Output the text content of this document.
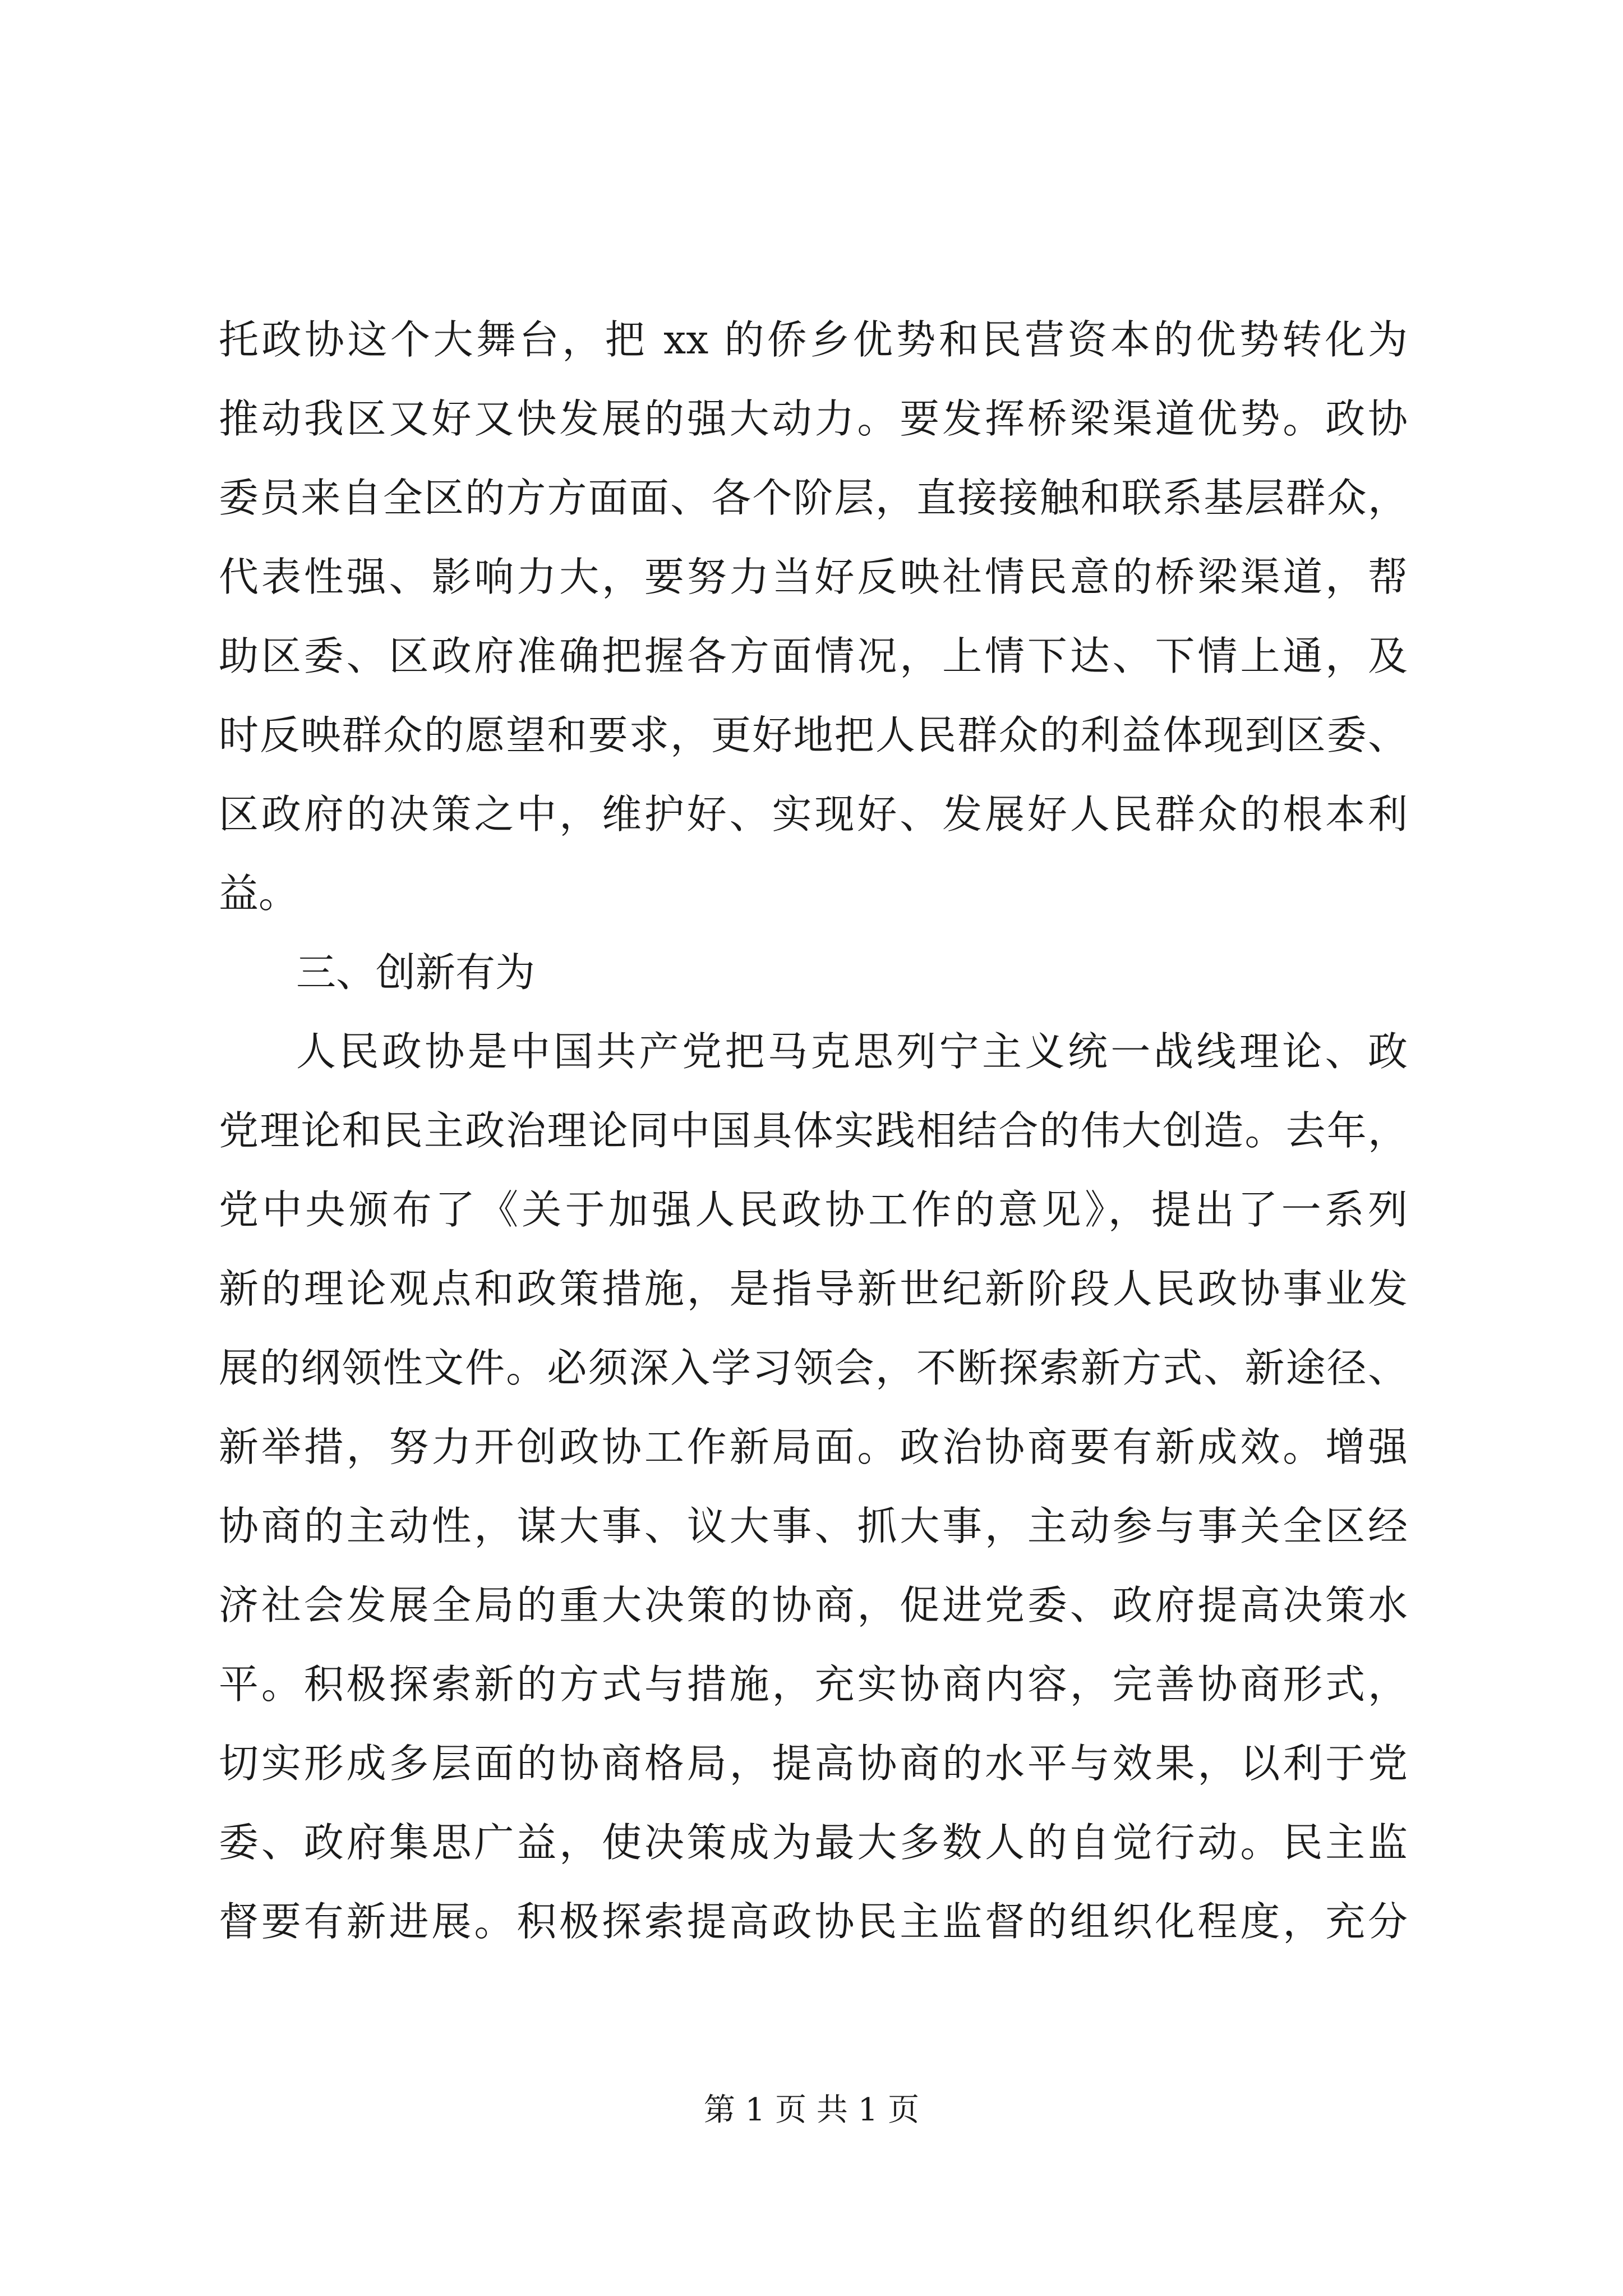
托政协这个大舞台，把 xx 的侨乡优势和民营资本的优势转化为
推动我区又好又快发展的强大动力。要发挥桥梁渠道优势。政协
委员来自全区的方方面面、各个阶层，直接接触和联系基层群众，
代表性强、影响力大，要努力当好反映社情民意的桥梁渠道，帮
助区委、区政府准确把握各方面情况，上情下达、下情上通，及
时反映群众的愿望和要求，更好地把人民群众的利益体现到区委、
区政府的决策之中，维护好、实现好、发展好人民群众的根本利
益。
三、创新有为
人民政协是中国共产党把马克思列宁主义统一战线理论、政
党理论和民主政治理论同中国具体实践相结合的伟大创造。去年，
党中央颁布了《关于加强人民政协工作的意见》，提出了一系列
新的理论观点和政策措施，是指导新世纪新阶段人民政协事业发
展的纲领性文件。必须深入学习领会，不断探索新方式、新途径、
新举措，努力开创政协工作新局面。政治协商要有新成效。增强
协商的主动性，谋大事、议大事、抓大事，主动参与事关全区经
济社会发展全局的重大决策的协商，促进党委、政府提高决策水
平。积极探索新的方式与措施，充实协商内容，完善协商形式，
切实形成多层面的协商格局，提高协商的水平与效果，以利于党
委、政府集思广益，使决策成为最大多数人的自觉行动。民主监
督要有新进展。积极探索提高政协民主监督的组织化程度，充分
第 1 页 共 1 页
